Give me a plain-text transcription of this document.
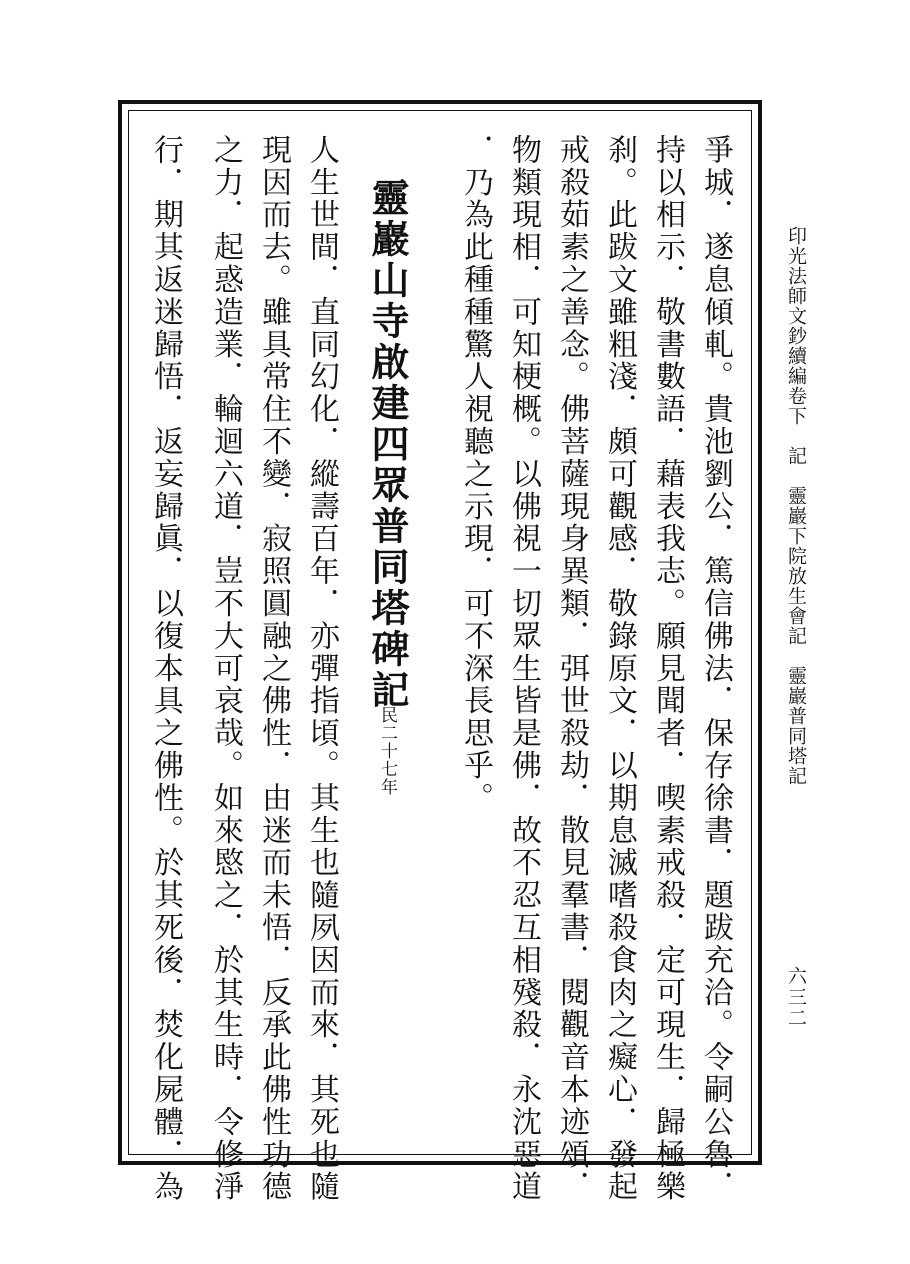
印光法師文鈔續編卷下　記　靈巖下院放生會記　靈巖普同塔記
六三二
爭城．遂息傾軋。貴池劉公．篤信佛法．保存徐書．題跋充洽。令嗣公魯．
持以相示．敬書數語．藉表我志。願見聞者．喫素戒殺．定可現生．歸極樂
刹。此跋文雖粗淺．頗可觀感．敬錄原文．以期息滅嗜殺食肉之癡心．發起
戒殺茹素之善念。佛菩薩現身異類．弭世殺劫．散見羣書．閱觀音本迹頌．
物類現相．可知梗概。以佛視一切眾生皆是佛．故不忍互相殘殺．永沈惡道
．乃為此種種驚人視聽之示現．可不深長思乎。
靈巖山寺啟建四眾普同塔碑記
民二十七年
人生世間．直同幻化．縱壽百年．亦彈指頃。其生也隨夙因而來．其死也隨
現因而去。雖具常住不變．寂照圓融之佛性．由迷而未悟．反承此佛性功德
之力．起惑造業．輪迴六道．豈不大可哀哉。如來愍之．於其生時．令修淨
行．期其返迷歸悟．返妄歸眞．以復本具之佛性。於其死後．焚化屍體．為
